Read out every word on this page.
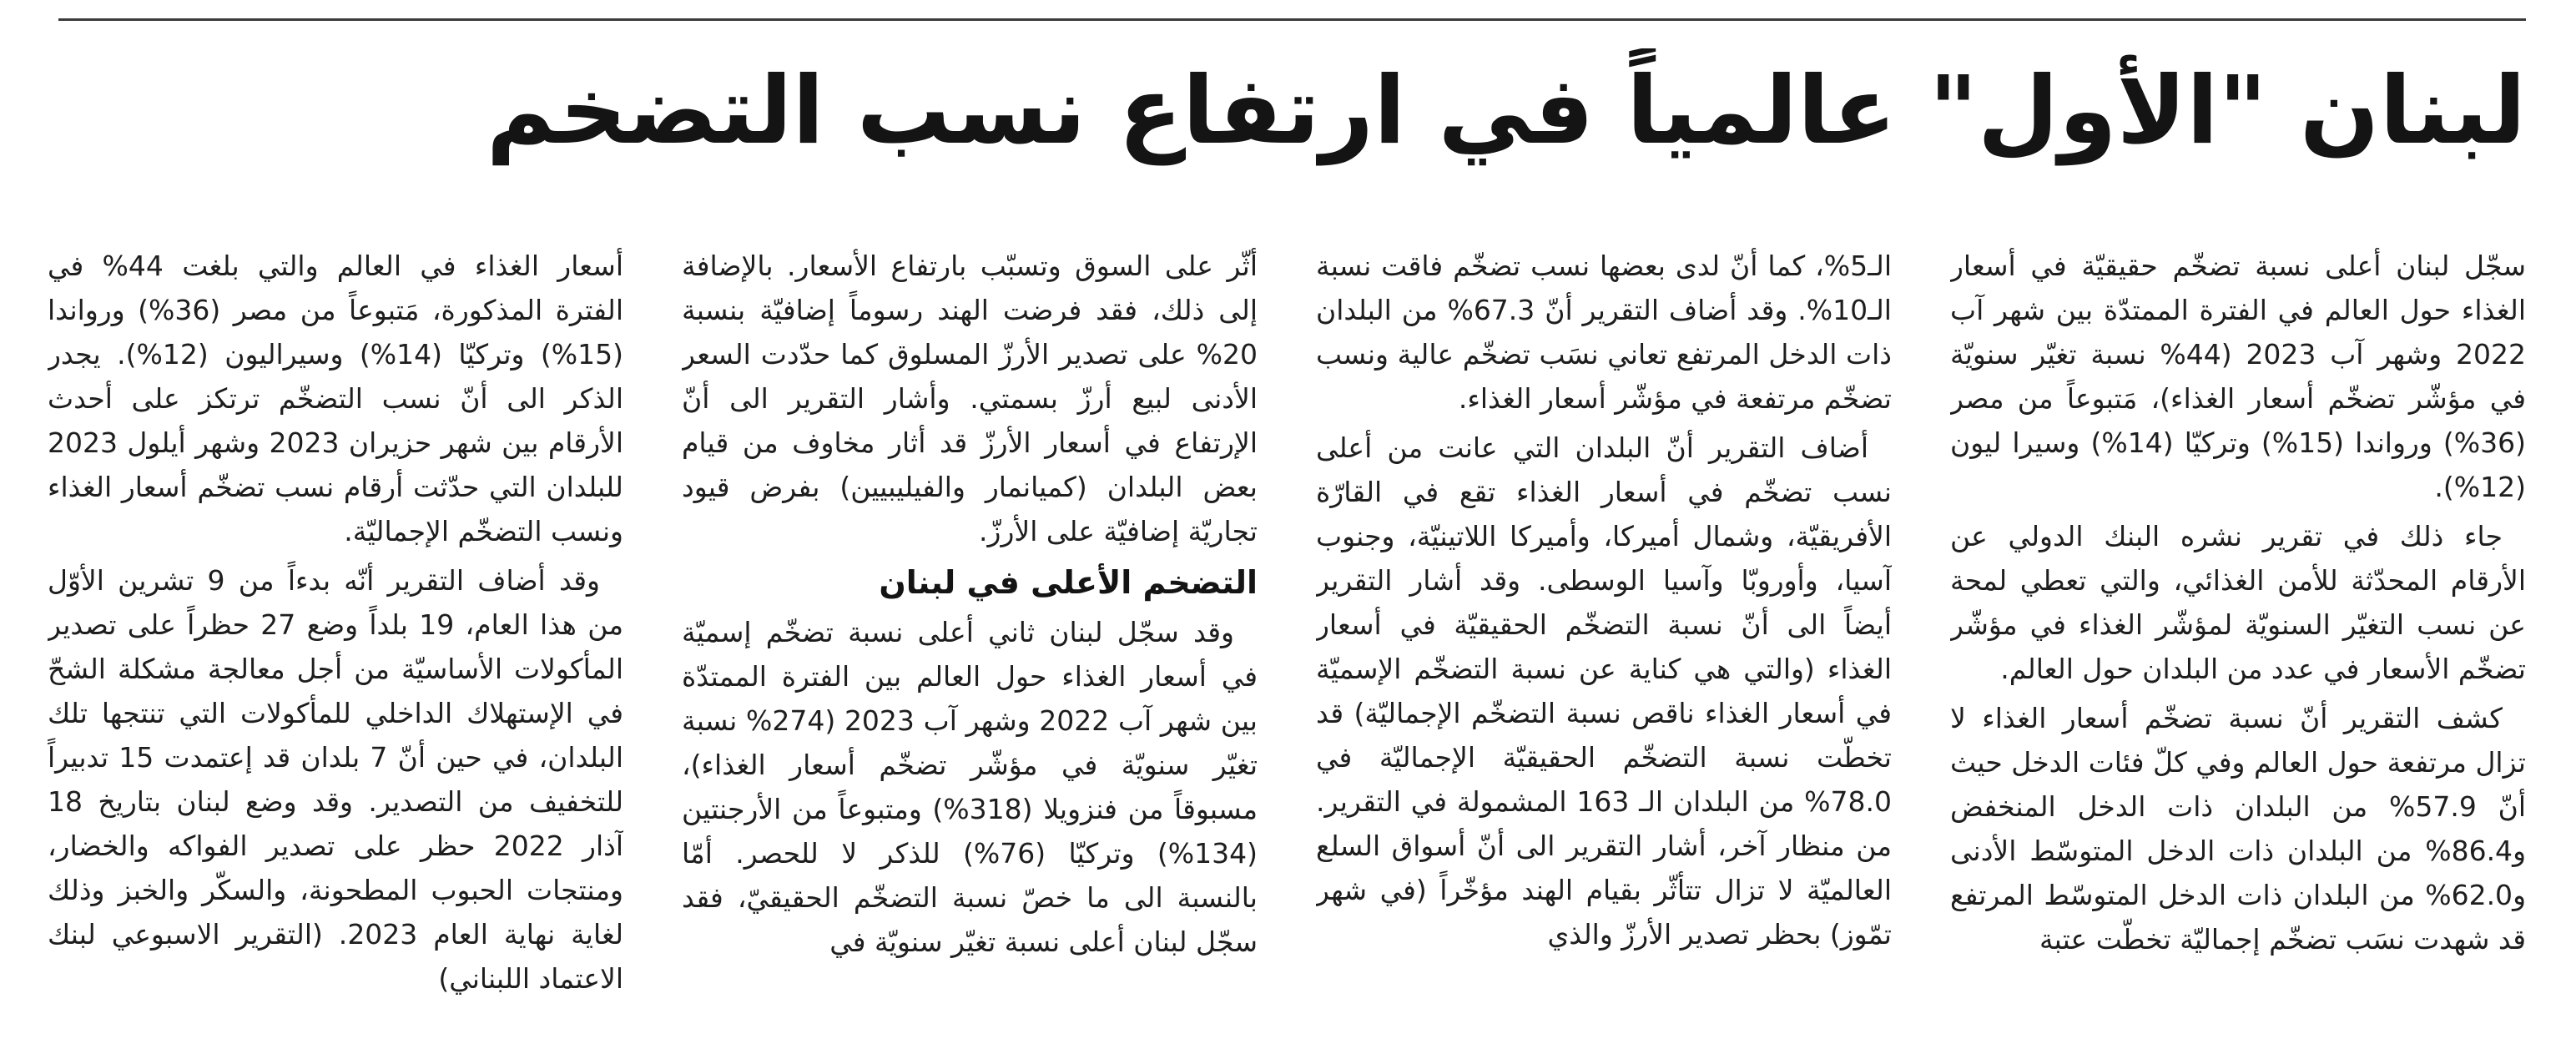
لبنان "الأول" عالمياً في ارتفاع نسب التضخم

سجّل لبنان أعلى نسبة تضخّم حقيقيّة في أسعار الغذاء حول العالم في الفترة الممتدّة بين شهر آب 2022 وشهر آب 2023 (44% نسبة تغيّر سنويّة في مؤشّر تضخّم أسعار الغذاء)، مَتبوعاً من مصر (36%) ورواندا (15%) وتركيّا (14%) وسيرا ليون (12%).

جاء ذلك في تقرير نشره البنك الدولي عن الأرقام المحدّثة للأمن الغذائي، والتي تعطي لمحة عن نسب التغيّر السنويّة لمؤشّر الغذاء في مؤشّر تضخّم الأسعار في عدد من البلدان حول العالم.

كشف التقرير أنّ نسبة تضخّم أسعار الغذاء لا تزال مرتفعة حول العالم وفي كلّ فئات الدخل حيث أنّ 57.9% من البلدان ذات الدخل المنخفض و86.4% من البلدان ذات الدخل المتوسّط الأدنى و62.0% من البلدان ذات الدخل المتوسّط المرتفع قد شهدت نسَب تضخّم إجماليّة تخطّت عتبة

الـ5%، كما أنّ لدى بعضها نسب تضخّم فاقت نسبة الـ10%. وقد أضاف التقرير أنّ 67.3% من البلدان ذات الدخل المرتفع تعاني نسَب تضخّم عالية ونسب تضخّم مرتفعة في مؤشّر أسعار الغذاء.

أضاف التقرير أنّ البلدان التي عانت من أعلى نسب تضخّم في أسعار الغذاء تقع في القارّة الأفريقيّة، وشمال أميركا، وأميركا اللاتينيّة، وجنوب آسيا، وأوروبّا وآسيا الوسطى. وقد أشار التقرير أيضاً الى أنّ نسبة التضخّم الحقيقيّة في أسعار الغذاء (والتي هي كناية عن نسبة التضخّم الإسميّة في أسعار الغذاء ناقص نسبة التضخّم الإجماليّة) قد تخطّت نسبة التضخّم الحقيقيّة الإجماليّة في 78.0% من البلدان الـ 163 المشمولة في التقرير. من منظار آخر، أشار التقرير الى أنّ أسواق السلع العالميّة لا تزال تتأثّر بقيام الهند مؤخّراً (في شهر تمّوز) بحظر تصدير الأرزّ والذي

أثّر على السوق وتسبّب بارتفاع الأسعار. بالإضافة إلى ذلك، فقد فرضت الهند رسوماً إضافيّة بنسبة 20% على تصدير الأرزّ المسلوق كما حدّدت السعر الأدنى لبيع أرزّ بسمتي. وأشار التقرير الى أنّ الإرتفاع في أسعار الأرزّ قد أثار مخاوف من قيام بعض البلدان (كميانمار والفيليبيين) بفرض قيود تجاريّة إضافيّة على الأرزّ.

التضخم الأعلى في لبنان

وقد سجّل لبنان ثاني أعلى نسبة تضخّم إسميّة في أسعار الغذاء حول العالم بين الفترة الممتدّة بين شهر آب 2022 وشهر آب 2023 (274% نسبة تغيّر سنويّة في مؤشّر تضخّم أسعار الغذاء)، مسبوقاً من فنزويلا (318%) ومتبوعاً من الأرجنتين (134%) وتركيّا (76%) للذكر لا للحصر. أمّا بالنسبة الى ما خصّ نسبة التضخّم الحقيقيّ، فقد سجّل لبنان أعلى نسبة تغيّر سنويّة في

أسعار الغذاء في العالم والتي بلغت 44% في الفترة المذكورة، مَتبوعاً من مصر (36%) ورواندا (15%) وتركيّا (14%) وسيراليون (12%). يجدر الذكر الى أنّ نسب التضخّم ترتكز على أحدث الأرقام بين شهر حزيران 2023 وشهر أيلول 2023 للبلدان التي حدّثت أرقام نسب تضخّم أسعار الغذاء ونسب التضخّم الإجماليّة.

وقد أضاف التقرير أنّه بدءاً من 9 تشرين الأوّل من هذا العام، 19 بلداً وضع 27 حظراً على تصدير المأكولات الأساسيّة من أجل معالجة مشكلة الشحّ في الإستهلاك الداخلي للمأكولات التي تنتجها تلك البلدان، في حين أنّ 7 بلدان قد إعتمدت 15 تدبيراً للتخفيف من التصدير. وقد وضع لبنان بتاريخ 18 آذار 2022 حظر على تصدير الفواكه والخضار، ومنتجات الحبوب المطحونة، والسكّر والخبز وذلك لغاية نهاية العام 2023. (التقرير الاسبوعي لبنك الاعتماد اللبناني)
